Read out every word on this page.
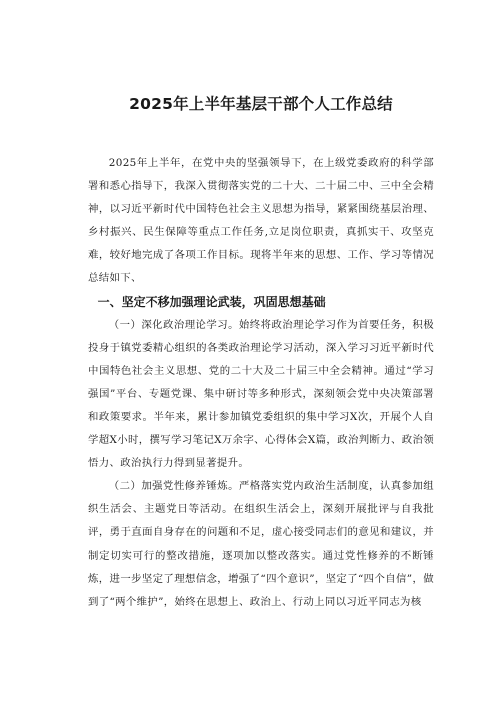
2025年上半年基层干部个人工作总结

2025年上半年，在党中央的坚强领导下，在上级党委政府的科学部署和悉心指导下，我深入贯彻落实党的二十大、二十届二中、三中全会精神，以习近平新时代中国特色社会主义思想为指导，紧紧围绕基层治理、乡村振兴、民生保障等重点工作任务,立足岗位职责，真抓实干、攻坚克难，较好地完成了各项工作目标。现将半年来的思想、工作、学习等情况总结如下、

一、坚定不移加强理论武装，巩固思想基础

（一）深化政治理论学习。始终将政治理论学习作为首要任务，积极投身于镇党委精心组织的各类政治理论学习活动，深入学习习近平新时代中国特色社会主义思想、党的二十大及二十届三中全会精神。通过“学习强国”平台、专题党课、集中研讨等多种形式，深刻领会党中央决策部署和政策要求。半年来，累计参加镇党委组织的集中学习X次，开展个人自学超X小时，撰写学习笔记X万余字、心得体会X篇，政治判断力、政治领悟力、政治执行力得到显著提升。

（二）加强党性修养锤炼。严格落实党内政治生活制度，认真参加组织生活会、主题党日等活动。在组织生活会上，深刻开展批评与自我批评，勇于直面自身存在的问题和不足，虚心接受同志们的意见和建议，并制定切实可行的整改措施，逐项加以整改落实。通过党性修养的不断锤炼，进一步坚定了理想信念，增强了“四个意识”，坚定了“四个自信”，做到了“两个维护”，始终在思想上、政治上、行动上同以习近平同志为核
